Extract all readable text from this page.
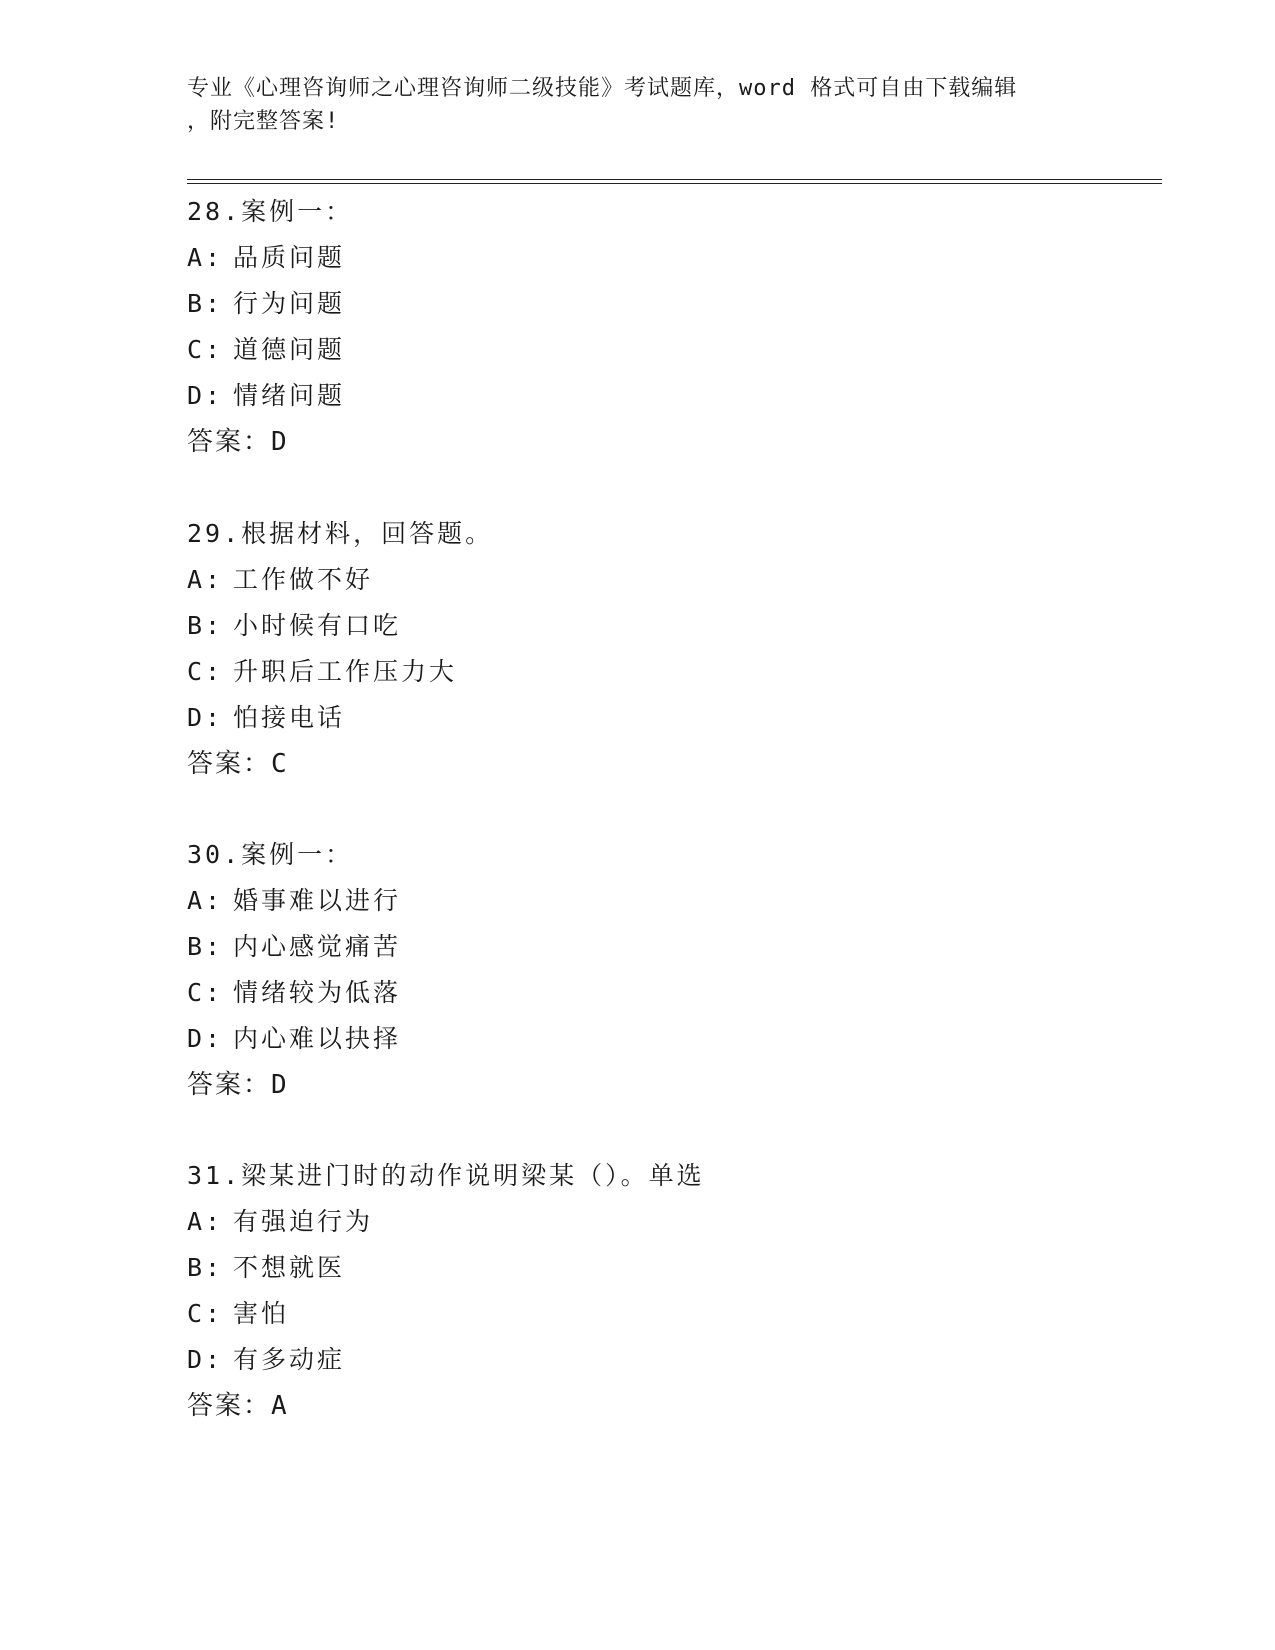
专业《心理咨询师之心理咨询师二级技能》考试题库，word 格式可自由下载编辑
，附完整答案!
28.案例一：
A: 品质问题
B: 行为问题
C: 道德问题
D: 情绪问题
答案：D
29.根据材料，回答题。
A: 工作做不好
B: 小时候有口吃
C: 升职后工作压力大
D: 怕接电话
答案：C
30.案例一：
A: 婚事难以进行
B: 内心感觉痛苦
C: 情绪较为低落
D: 内心难以抉择
答案：D
31.梁某进门时的动作说明梁某（）。单选
A: 有强迫行为
B: 不想就医
C: 害怕
D: 有多动症
答案：A
